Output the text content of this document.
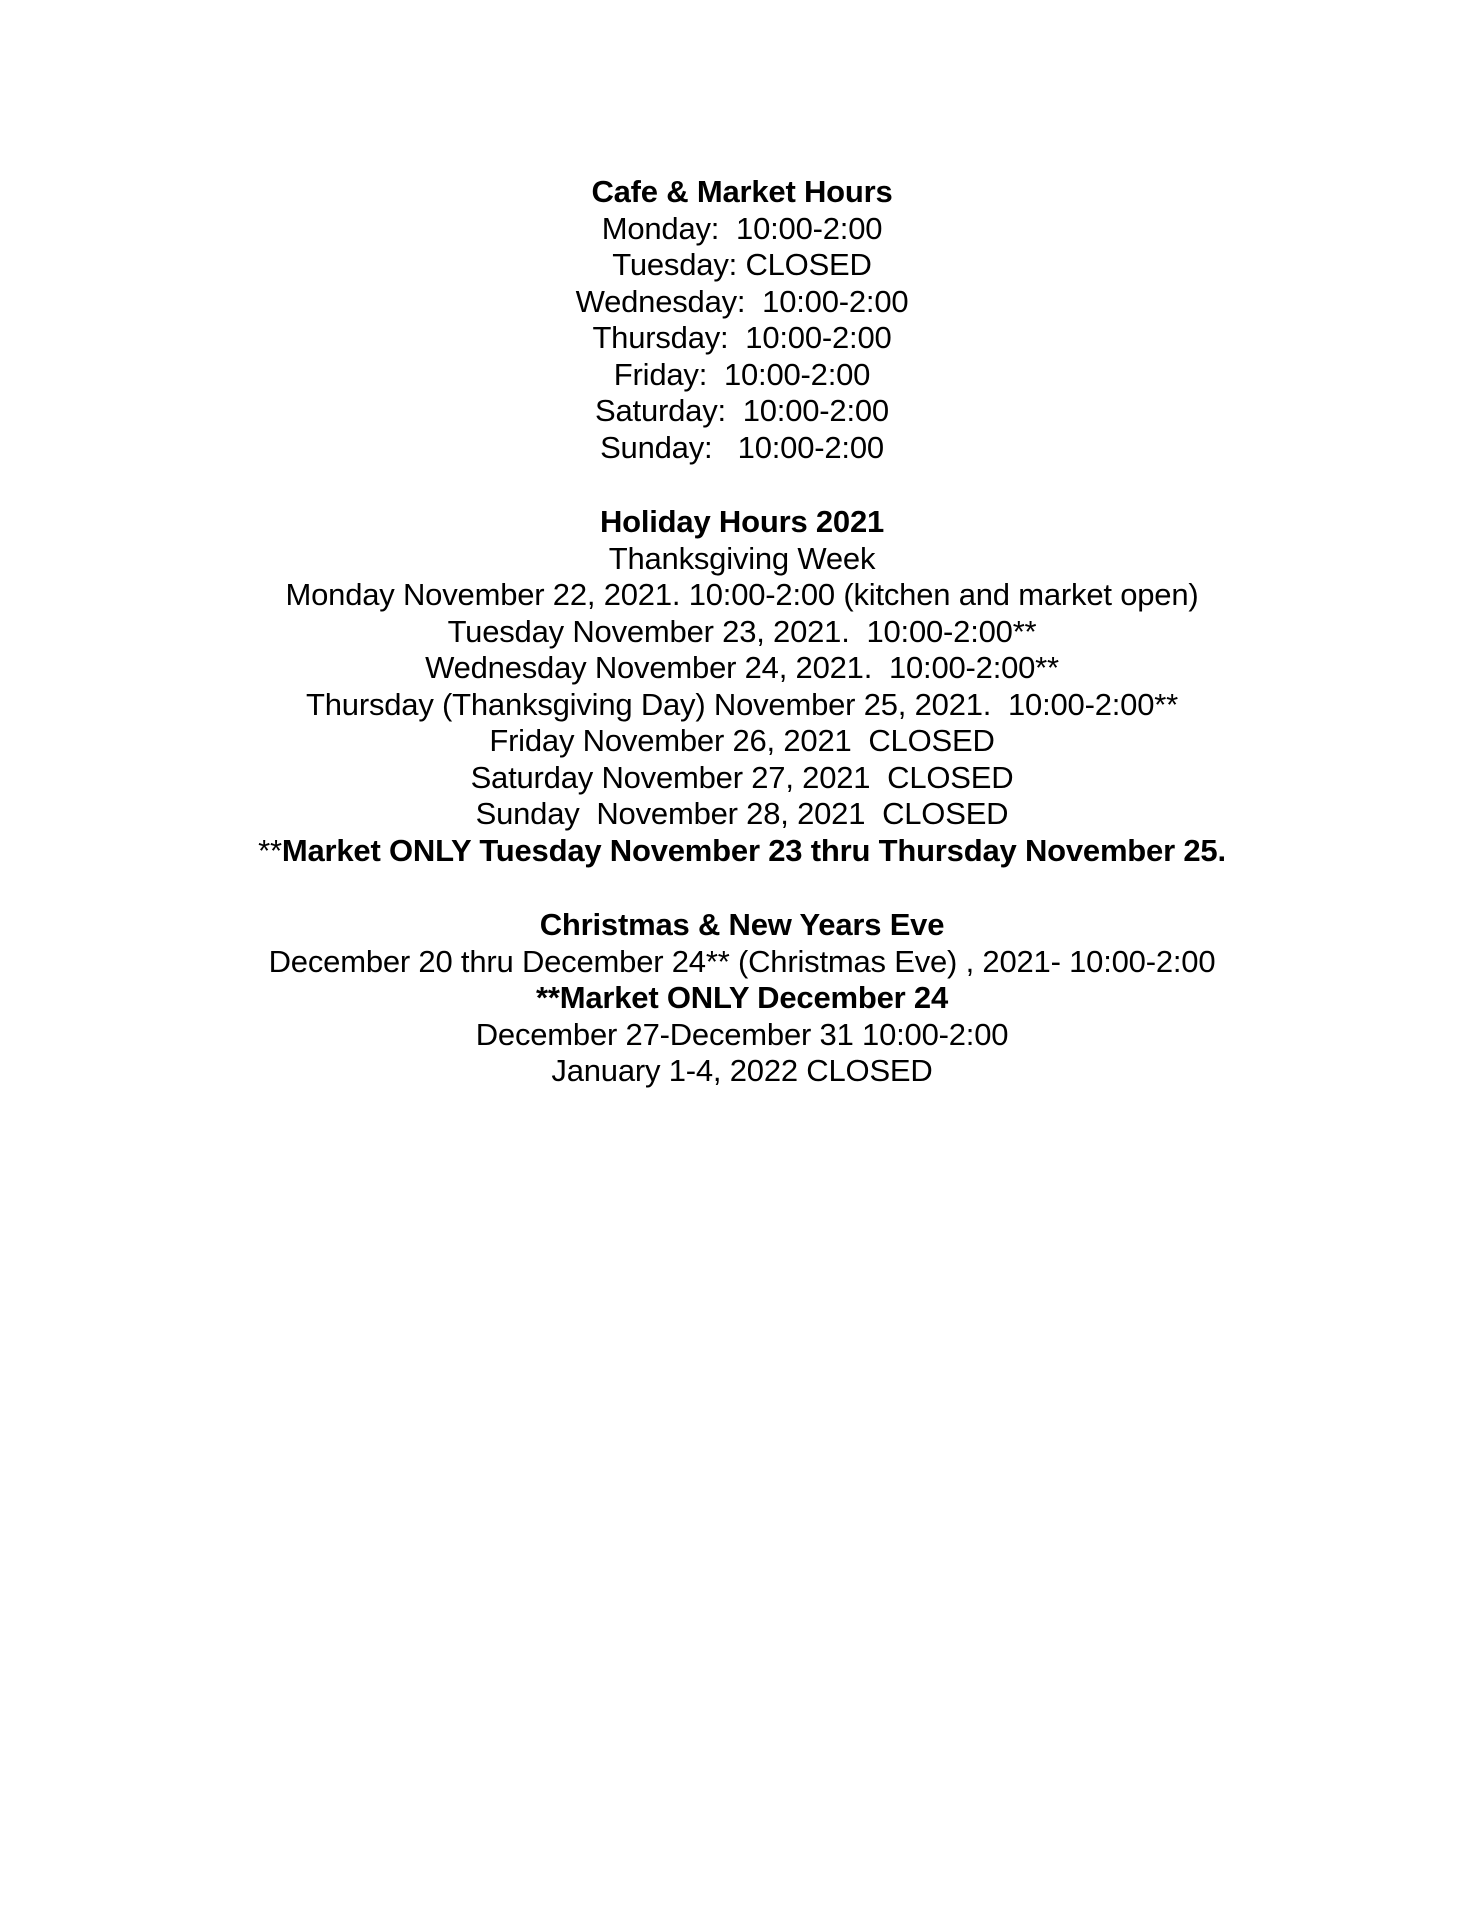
Cafe & Market Hours
Monday:  10:00-2:00
Tuesday: CLOSED
Wednesday:  10:00-2:00
Thursday:  10:00-2:00
Friday:  10:00-2:00
Saturday:  10:00-2:00
Sunday:   10:00-2:00
Holiday Hours 2021
Thanksgiving Week
Monday November 22, 2021. 10:00-2:00 (kitchen and market open)
Tuesday November 23, 2021.  10:00-2:00**
Wednesday November 24, 2021.  10:00-2:00**
Thursday (Thanksgiving Day) November 25, 2021.  10:00-2:00**
Friday November 26, 2021  CLOSED
Saturday November 27, 2021  CLOSED
Sunday  November 28, 2021  CLOSED
**Market ONLY Tuesday November 23 thru Thursday November 25.
Christmas & New Years Eve
December 20 thru December 24** (Christmas Eve) , 2021- 10:00-2:00
**Market ONLY December 24
December 27-December 31 10:00-2:00
January 1-4, 2022 CLOSED
